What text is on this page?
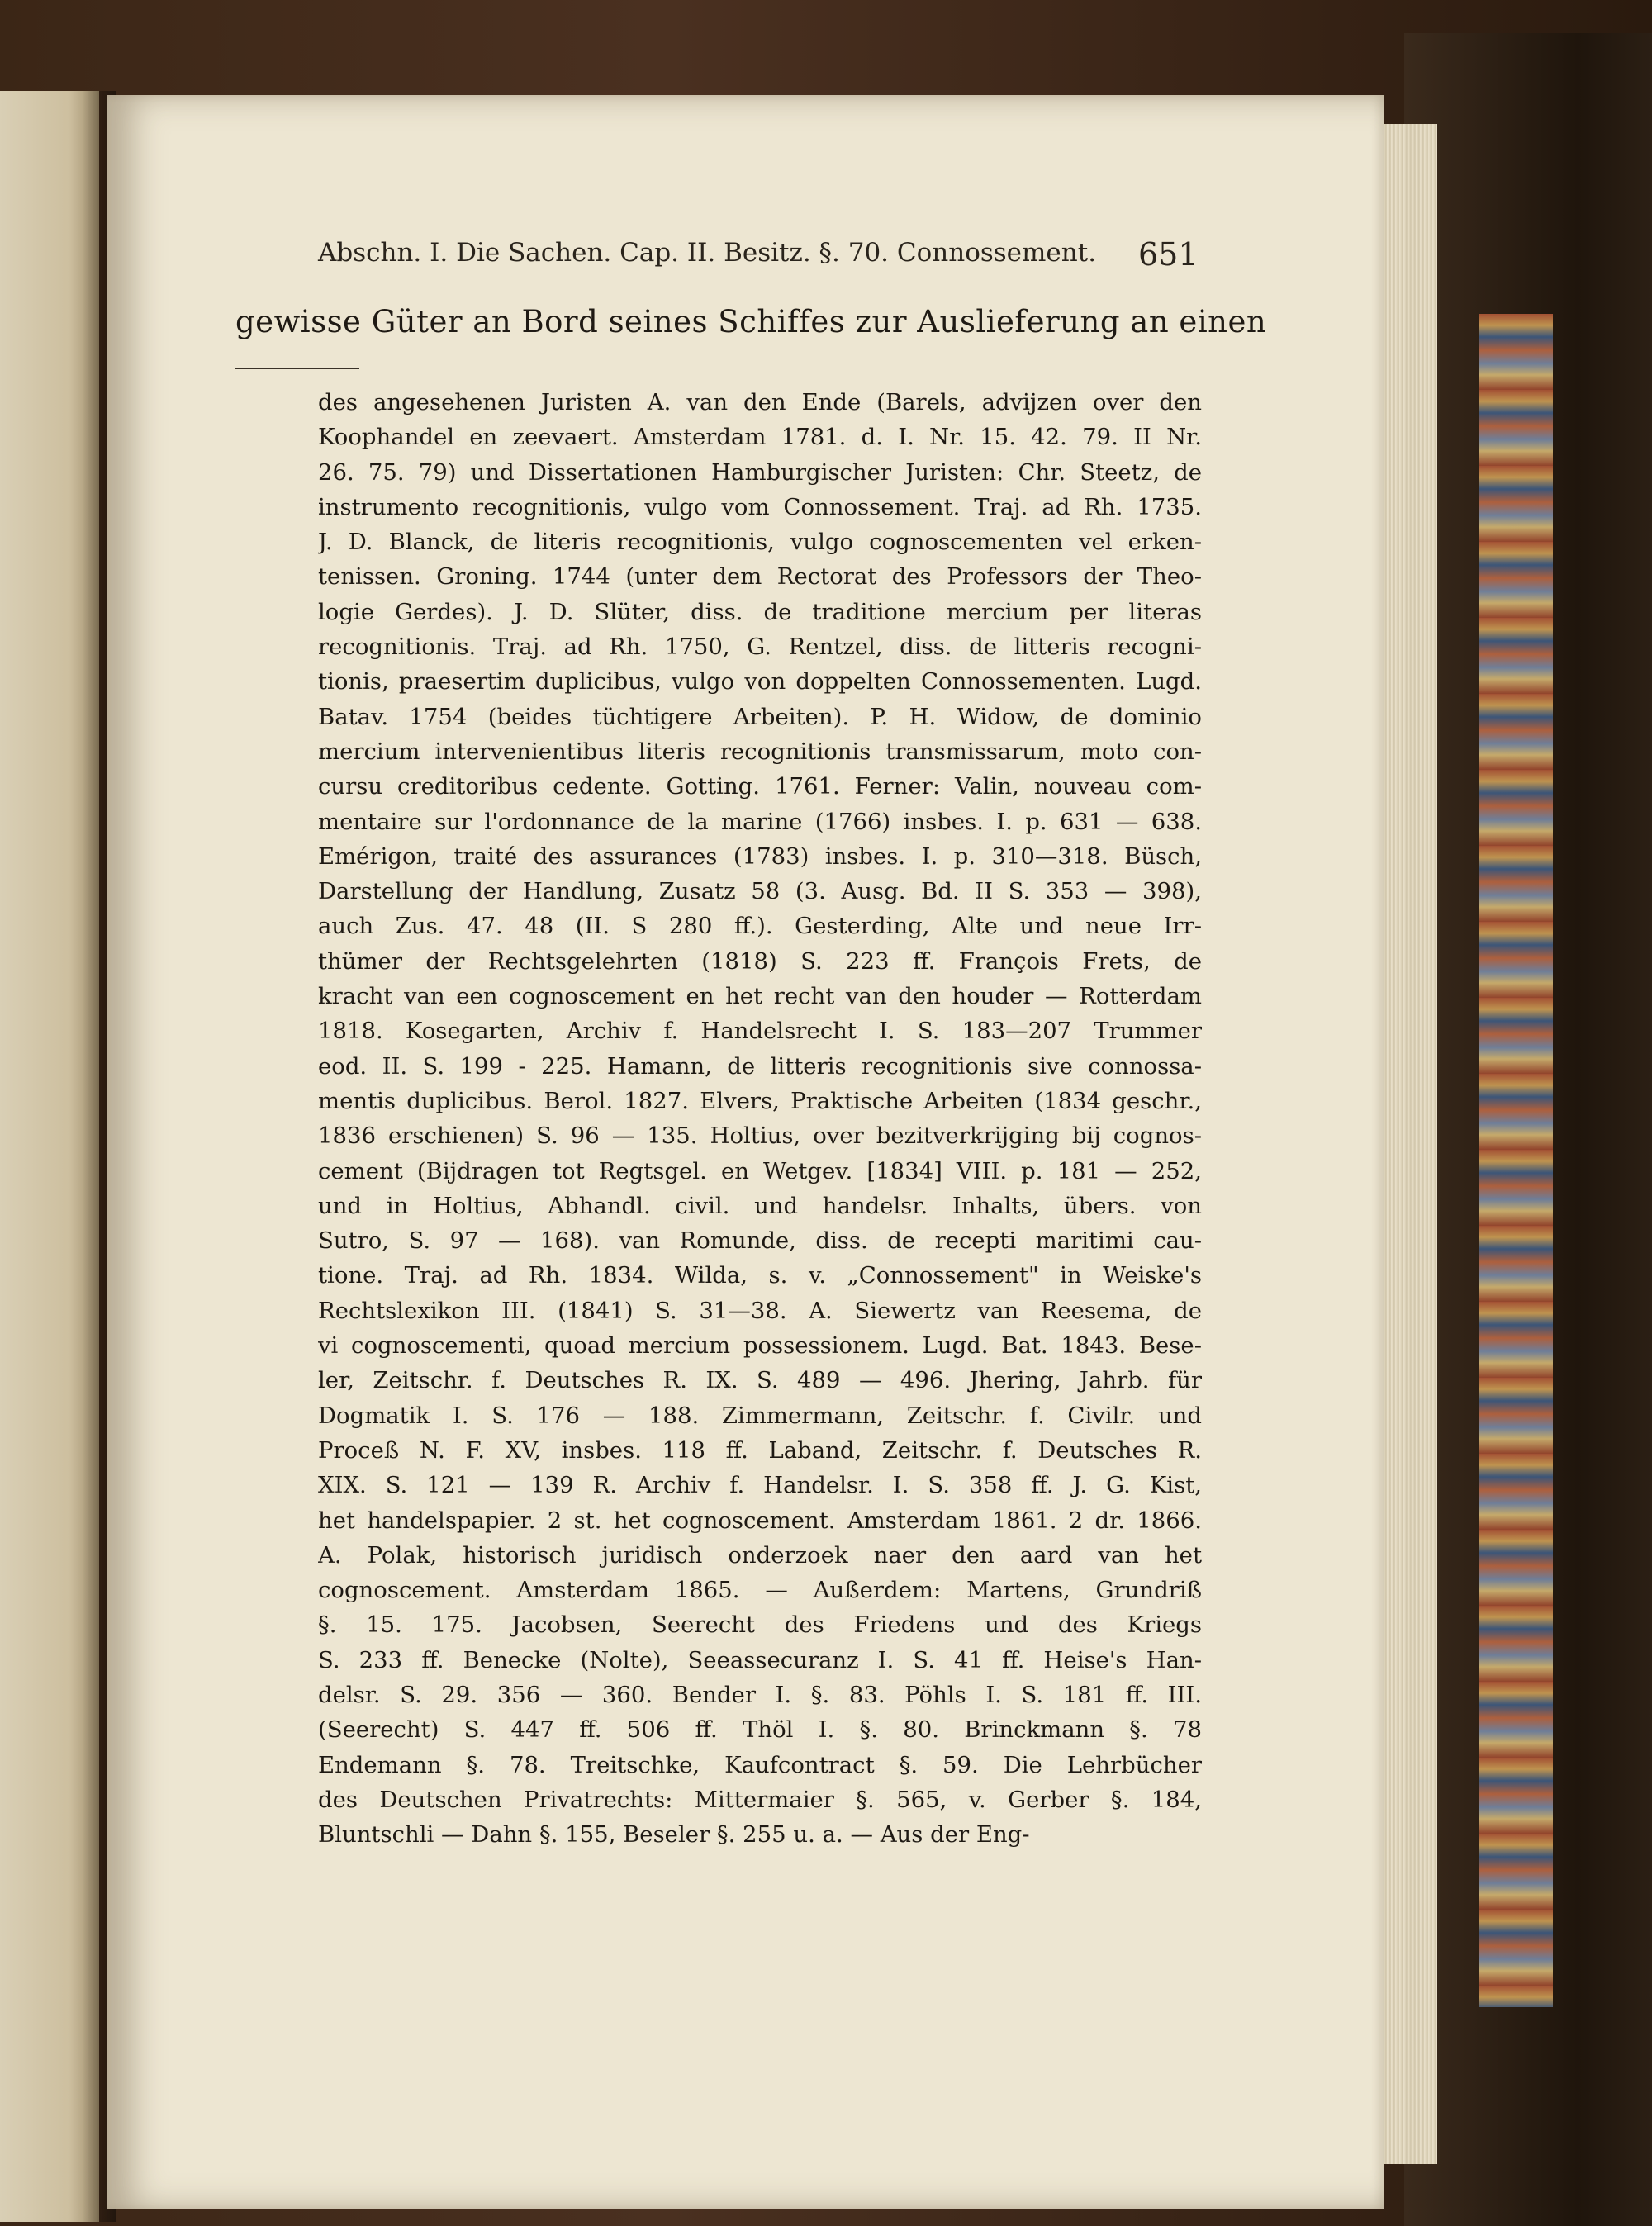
Abschn. I. Die Sachen. Cap. II. Besitz. §. 70. Connossement.	651
gewisse Güter an Bord seines Schiffes zur Auslieferung an einen
des angesehenen Juristen A. van den Ende (Barels, advijzen over den
Koophandel en zeevaert. Amsterdam 1781. d. I. Nr. 15. 42. 79. II Nr.
26. 75. 79) und Dissertationen Hamburgischer Juristen: Chr. Steetz, de
instrumento recognitionis, vulgo vom Connossement. Traj. ad Rh. 1735.
J. D. Blanck, de literis recognitionis, vulgo cognoscementen vel erken-
tenissen. Groning. 1744 (unter dem Rectorat des Professors der Theo-
logie Gerdes). J. D. Slüter, diss. de traditione mercium per literas
recognitionis. Traj. ad Rh. 1750, G. Rentzel, diss. de litteris recogni-
tionis, praesertim duplicibus, vulgo von doppelten Connossementen. Lugd.
Batav. 1754 (beides tüchtigere Arbeiten). P. H. Widow, de dominio
mercium intervenientibus literis recognitionis transmissarum, moto con-
cursu creditoribus cedente. Gotting. 1761. Ferner: Valin, nouveau com-
mentaire sur l'ordonnance de la marine (1766) insbes. I. p. 631 — 638.
Emérigon, traité des assurances (1783) insbes. I. p. 310—318. Büsch,
Darstellung der Handlung, Zusatz 58 (3. Ausg. Bd. II S. 353 — 398),
auch Zus. 47. 48 (II. S 280 ff.). Gesterding, Alte und neue Irr-
thümer der Rechtsgelehrten (1818) S. 223 ff. François Frets, de
kracht van een cognoscement en het recht van den houder — Rotterdam
1818. Kosegarten, Archiv f. Handelsrecht I. S. 183—207 Trummer
eod. II. S. 199 - 225. Hamann, de litteris recognitionis sive connossa-
mentis duplicibus. Berol. 1827. Elvers, Praktische Arbeiten (1834 geschr.,
1836 erschienen) S. 96 — 135. Holtius, over bezitverkrijging bij cognos-
cement (Bijdragen tot Regtsgel. en Wetgev. [1834] VIII. p. 181 — 252,
und in Holtius, Abhandl. civil. und handelsr. Inhalts, übers. von
Sutro, S. 97 — 168). van Romunde, diss. de recepti maritimi cau-
tione. Traj. ad Rh. 1834. Wilda, s. v. „Connossement" in Weiske's
Rechtslexikon III. (1841) S. 31—38. A. Siewertz van Reesema, de
vi cognoscementi, quoad mercium possessionem. Lugd. Bat. 1843. Bese-
ler, Zeitschr. f. Deutsches R. IX. S. 489 — 496. Jhering, Jahrb. für
Dogmatik I. S. 176 — 188. Zimmermann, Zeitschr. f. Civilr. und
Proceß N. F. XV, insbes. 118 ff. Laband, Zeitschr. f. Deutsches R.
XIX. S. 121 — 139 R. Archiv f. Handelsr. I. S. 358 ff. J. G. Kist,
het handelspapier. 2 st. het cognoscement. Amsterdam 1861. 2 dr. 1866.
A. Polak, historisch juridisch onderzoek naer den aard van het
cognoscement. Amsterdam 1865. — Außerdem: Martens, Grundriß
§. 15. 175. Jacobsen, Seerecht des Friedens und des Kriegs
S. 233 ff. Benecke (Nolte), Seeassecuranz I. S. 41 ff. Heise's Han-
delsr. S. 29. 356 — 360. Bender I. §. 83. Pöhls I. S. 181 ff. III.
(Seerecht) S. 447 ff. 506 ff. Thöl I. §. 80. Brinckmann §. 78
Endemann §. 78. Treitschke, Kaufcontract §. 59. Die Lehrbücher
des Deutschen Privatrechts: Mittermaier §. 565, v. Gerber §. 184,
Bluntschli — Dahn §. 155, Beseler §. 255 u. a. — Aus der Eng-
